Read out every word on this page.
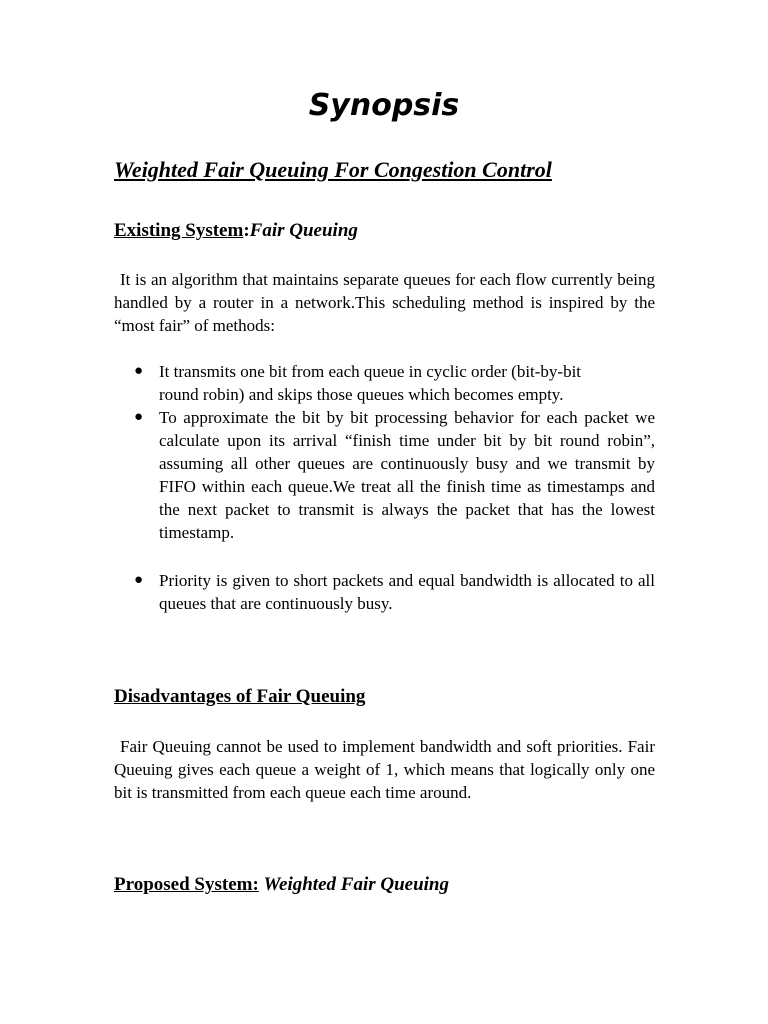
Synopsis
Weighted Fair Queuing For Congestion Control
Existing System:Fair Queuing

It is an algorithm that maintains separate queues for each flow currently being handled by a router in a network.This scheduling method is inspired by the “most fair” of methods:

● It transmits one bit from each queue in cyclic order (bit-by-bit round robin) and skips those queues which becomes empty.
● To approximate the bit by bit processing behavior for each packet we calculate upon its arrival “finish time under bit by bit round robin”, assuming all other queues are continuously busy and we transmit by FIFO within each queue.We treat all the finish time as timestamps and the next packet to transmit is always the packet that has the lowest timestamp.
● Priority is given to short packets and equal bandwidth is allocated to all queues that are continuously busy.
Disadvantages of Fair Queuing

Fair Queuing cannot be used to implement bandwidth and soft priorities. Fair Queuing gives each queue a weight of 1, which means that logically only one bit is transmitted from each queue each time around.

Proposed System: Weighted Fair Queuing
